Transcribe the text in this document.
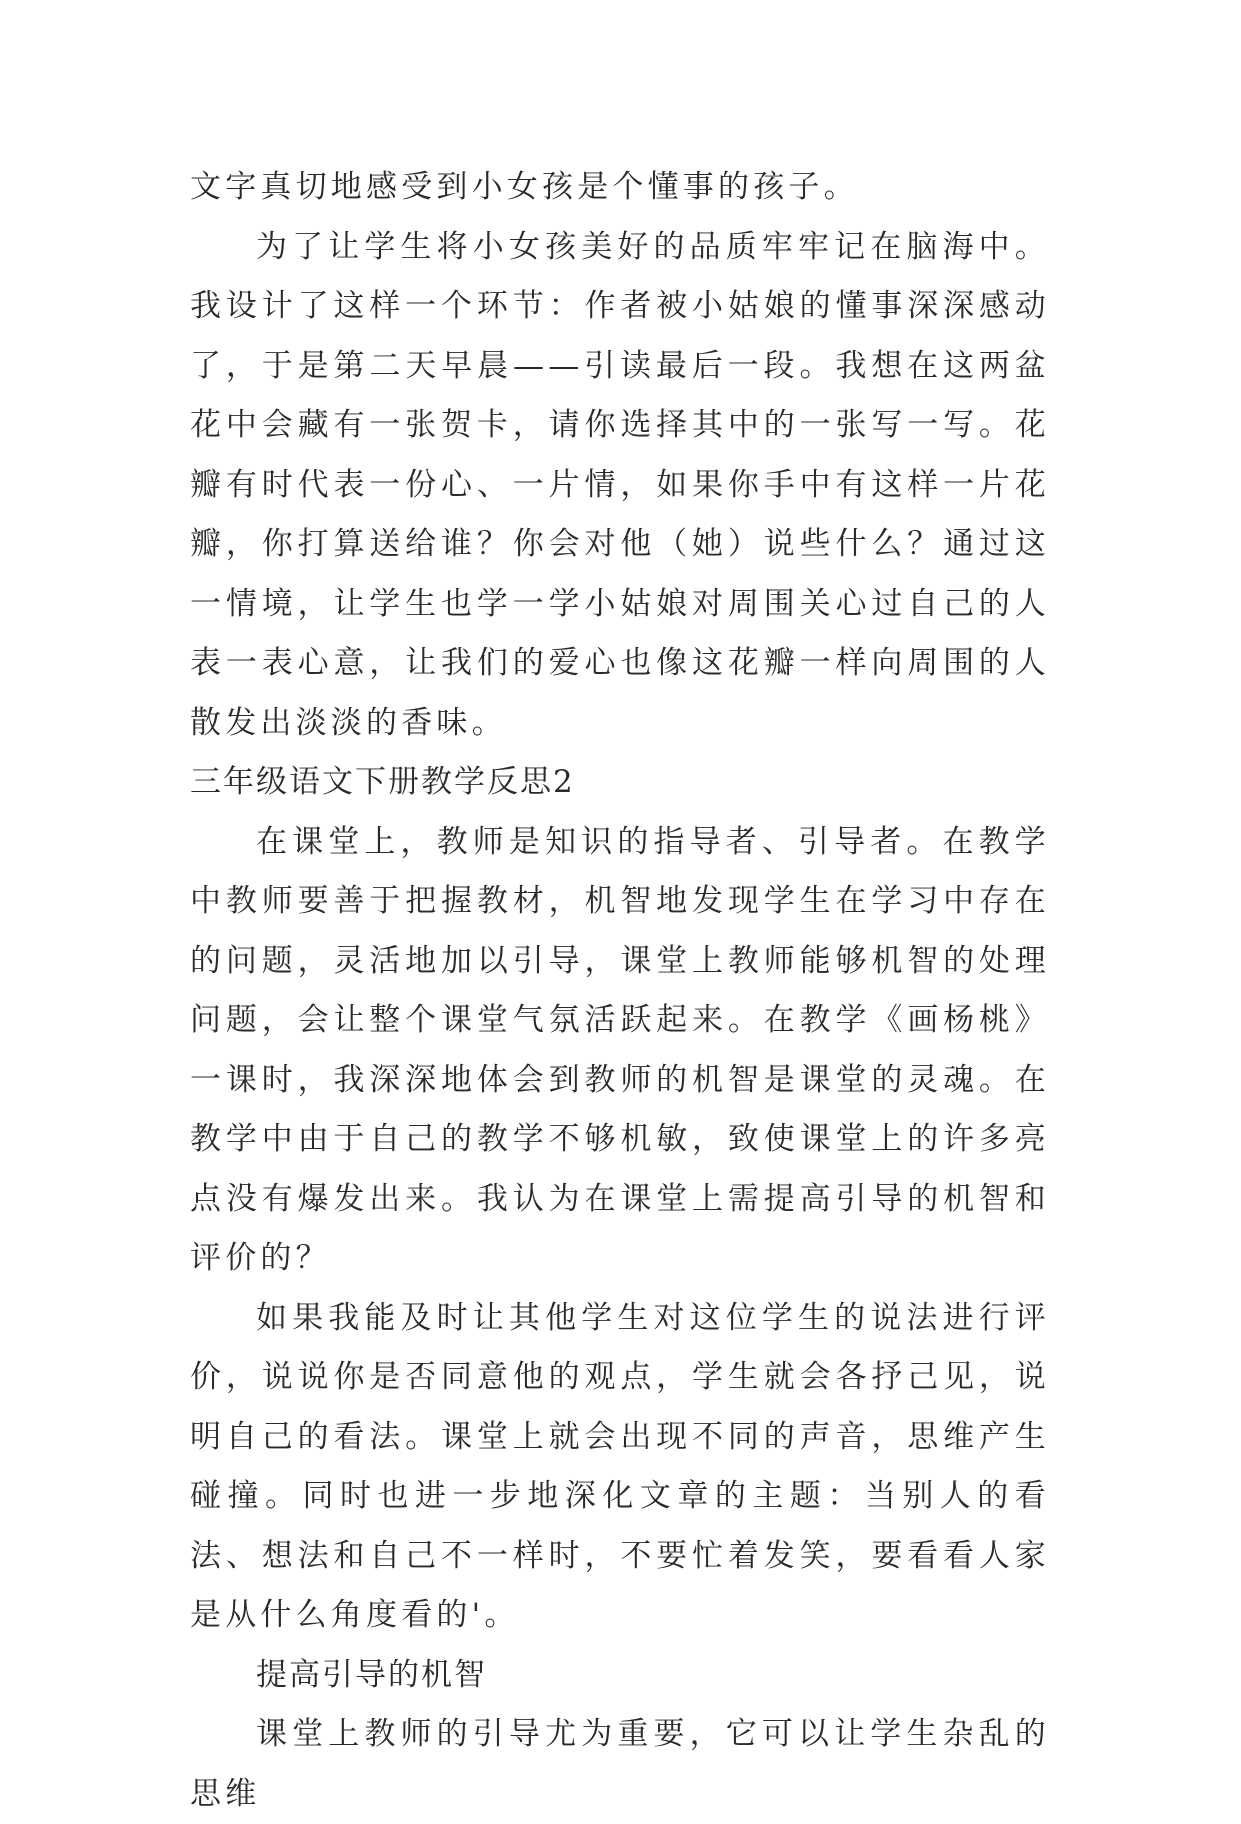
文字真切地感受到小女孩是个懂事的孩子。

为了让学生将小女孩美好的品质牢牢记在脑海中。我设计了这样一个环节：作者被小姑娘的懂事深深感动了，于是第二天早晨——引读最后一段。我想在这两盆花中会藏有一张贺卡，请你选择其中的一张写一写。花瓣有时代表一份心、一片情，如果你手中有这样一片花瓣，你打算送给谁？你会对他（她）说些什么？通过这一情境，让学生也学一学小姑娘对周围关心过自己的人表一表心意，让我们的爱心也像这花瓣一样向周围的人散发出淡淡的香味。

三年级语文下册教学反思2

在课堂上，教师是知识的指导者、引导者。在教学中教师要善于把握教材，机智地发现学生在学习中存在的问题，灵活地加以引导，课堂上教师能够机智的处理问题，会让整个课堂气氛活跃起来。在教学《画杨桃》一课时，我深深地体会到教师的机智是课堂的灵魂。在教学中由于自己的教学不够机敏，致使课堂上的许多亮点没有爆发出来。我认为在课堂上需提高引导的机智和评价的？

如果我能及时让其他学生对这位学生的说法进行评价，说说你是否同意他的观点，学生就会各抒己见，说明自己的看法。课堂上就会出现不同的声音，思维产生碰撞。同时也进一步地深化文章的主题：当别人的看法、想法和自己不一样时，不要忙着发笑，要看看人家是从什么角度看的'。

提高引导的机智

课堂上教师的引导尤为重要，它可以让学生杂乱的思维
